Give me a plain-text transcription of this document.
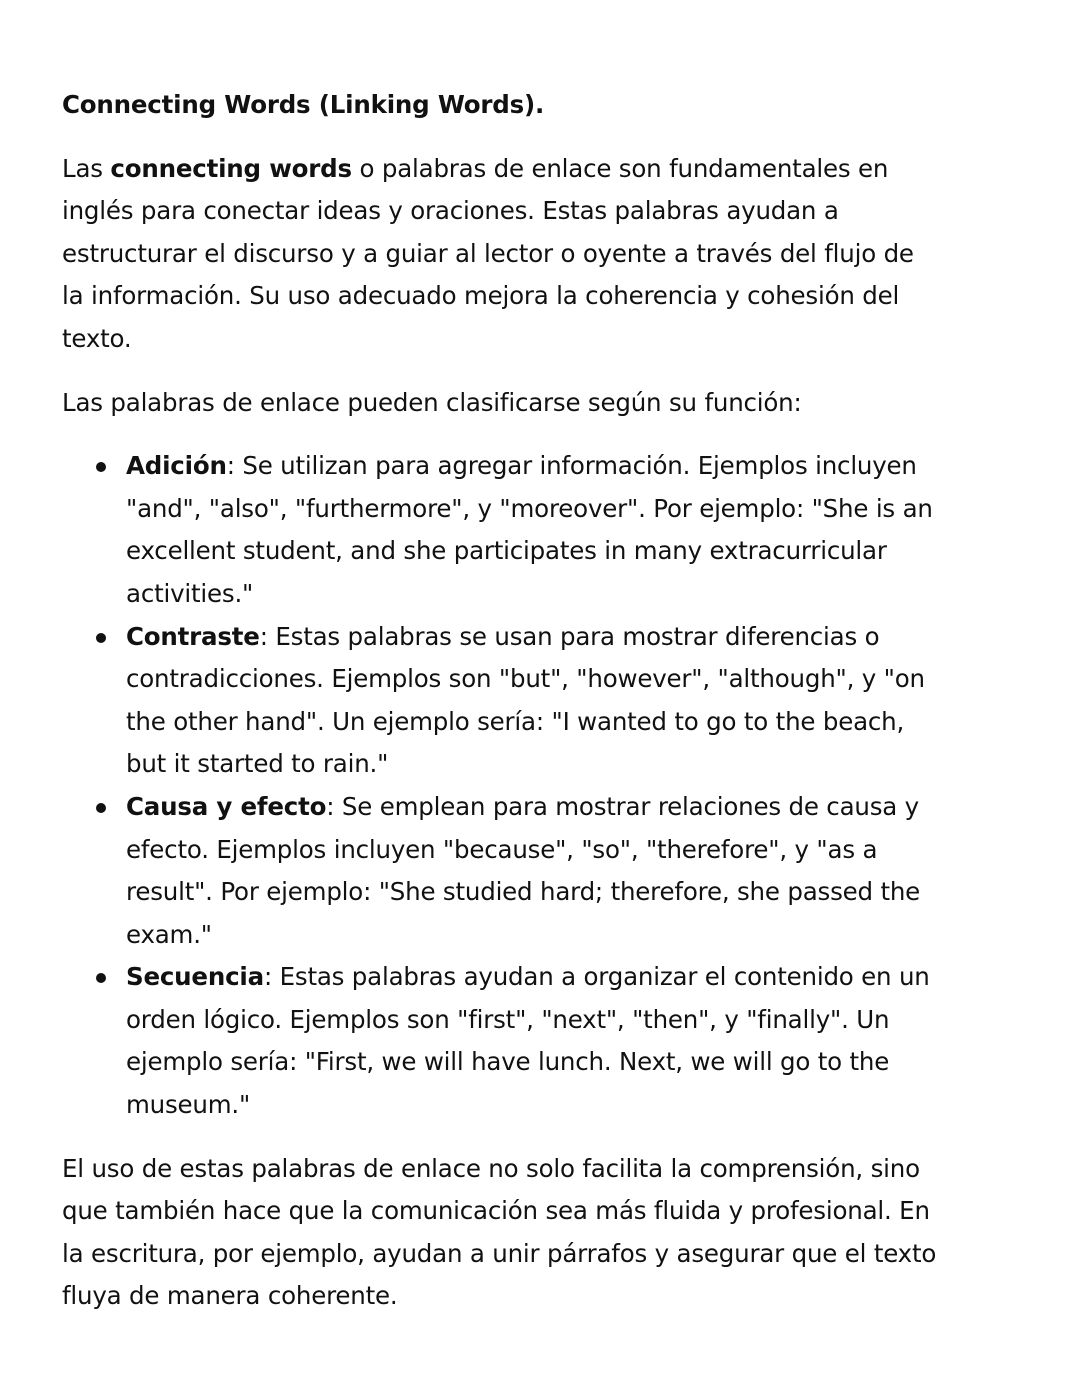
Connecting Words (Linking Words).

Las connecting words o palabras de enlace son fundamentales en inglés para conectar ideas y oraciones. Estas palabras ayudan a estructurar el discurso y a guiar al lector o oyente a través del flujo de la información. Su uso adecuado mejora la coherencia y cohesión del texto.

Las palabras de enlace pueden clasificarse según su función:

Adición: Se utilizan para agregar información. Ejemplos incluyen "and", "also", "furthermore", y "moreover". Por ejemplo: "She is an excellent student, and she participates in many extracurricular activities."
Contraste: Estas palabras se usan para mostrar diferencias o contradicciones. Ejemplos son "but", "however", "although", y "on the other hand". Un ejemplo sería: "I wanted to go to the beach, but it started to rain."
Causa y efecto: Se emplean para mostrar relaciones de causa y efecto. Ejemplos incluyen "because", "so", "therefore", y "as a result". Por ejemplo: "She studied hard; therefore, she passed the exam."
Secuencia: Estas palabras ayudan a organizar el contenido en un orden lógico. Ejemplos son "first", "next", "then", y "finally". Un ejemplo sería: "First, we will have lunch. Next, we will go to the museum."

El uso de estas palabras de enlace no solo facilita la comprensión, sino que también hace que la comunicación sea más fluida y profesional. En la escritura, por ejemplo, ayudan a unir párrafos y asegurar que el texto fluya de manera coherente.
